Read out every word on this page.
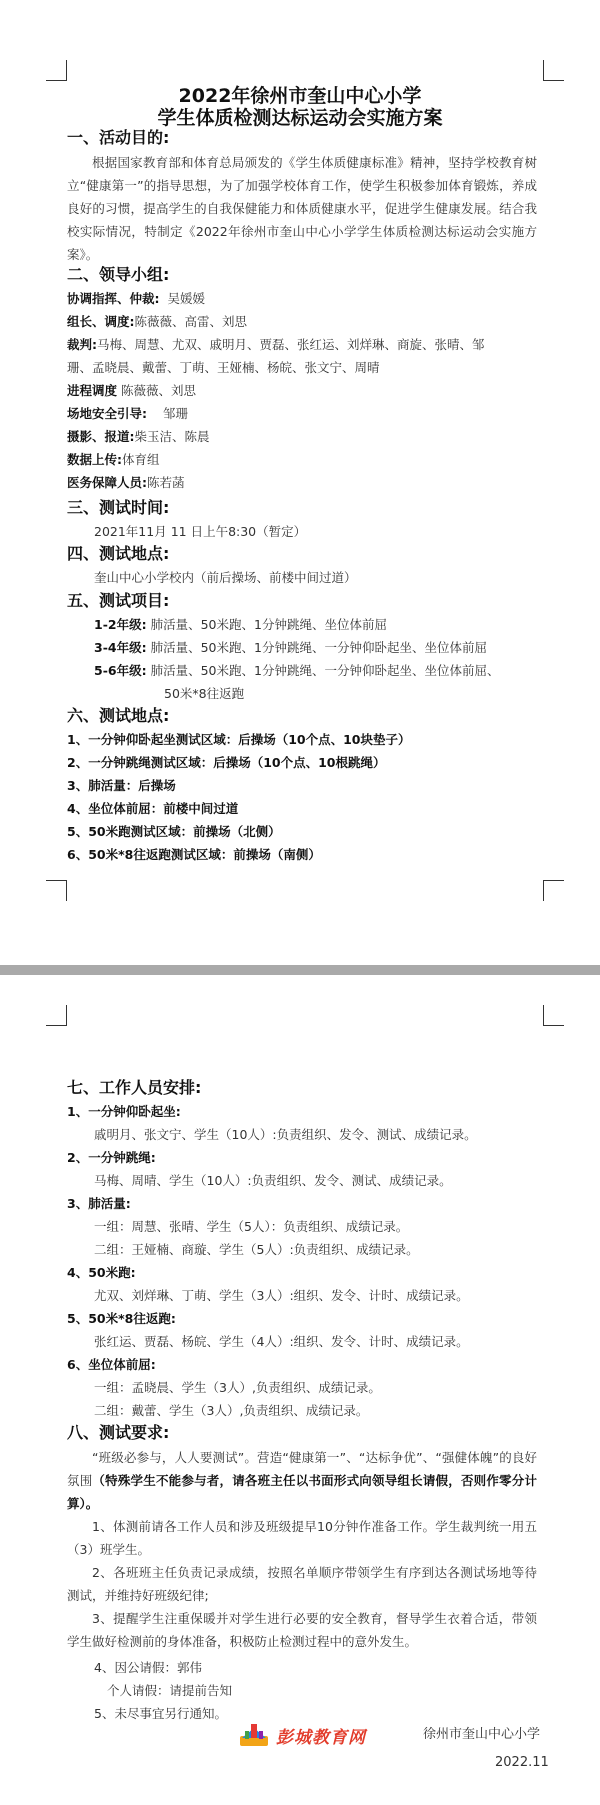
2022年徐州市奎山中心小学
学生体质检测达标运动会实施方案
一、活动目的:
根据国家教育部和体育总局颁发的《学生体质健康标准》精神，坚持学校教育树立“健康第一”的指导思想，为了加强学校体育工作，使学生积极参加体育锻炼，养成良好的习惯，提高学生的自我保健能力和体质健康水平，促进学生健康发展。结合我校实际情况，特制定《2022年徐州市奎山中心小学学生体质检测达标运动会实施方案》。
二、领导小组:
协调指挥、仲裁: 吴媛媛
组长、调度:陈薇薇、高雷、刘思
裁判:马梅、周慧、尤双、戚明月、贾磊、张红运、刘烊琳、商旋、张晴、邹
珊、孟晓晨、戴蕾、丁萌、王娅楠、杨皖、张文宁、周晴
进程调度 陈薇薇、刘思
场地安全引导: 邹珊
摄影、报道:柴玉洁、陈晨
数据上传:体育组
医务保障人员:陈若菡
三、测试时间:
2021年11月 11 日上午8:30（暂定）
四、测试地点:
奎山中心小学校内（前后操场、前楼中间过道）
五、测试项目:
1-2年级: 肺活量、50米跑、1分钟跳绳、坐位体前屈
3-4年级: 肺活量、50米跑、1分钟跳绳、一分钟仰卧起坐、坐位体前屈
5-6年级: 肺活量、50米跑、1分钟跳绳、一分钟仰卧起坐、坐位体前屈、
50米*8往返跑
六、测试地点:
1、一分钟仰卧起坐测试区域：后操场（10个点、10块垫子）
2、一分钟跳绳测试区域：后操场（10个点、10根跳绳）
3、肺活量：后操场
4、坐位体前屈：前楼中间过道
5、50米跑测试区域：前操场（北侧）
6、50米*8往返跑测试区域：前操场（南侧）
七、工作人员安排:
1、一分钟仰卧起坐:
戚明月、张文宁、学生（10人）:负责组织、发令、测试、成绩记录。
2、一分钟跳绳:
马梅、周晴、学生（10人）:负责组织、发令、测试、成绩记录。
3、肺活量:
一组：周慧、张晴、学生（5人）：负责组织、成绩记录。
二组：王娅楠、商璇、学生（5人）:负责组织、成绩记录。
4、50米跑:
尤双、刘烊琳、丁萌、学生（3人）:组织、发令、计时、成绩记录。
5、50米*8往返跑:
张红运、贾磊、杨皖、学生（4人）:组织、发令、计时、成绩记录。
6、坐位体前屈:
一组：孟晓晨、学生（3人）,负责组织、成绩记录。
二组：戴蕾、学生（3人）,负责组织、成绩记录。
八、测试要求:
“班级必参与，人人要测试”。营造“健康第一”、“达标争优”、“强健体魄”的良好氛围（特殊学生不能参与者，请各班主任以书面形式向领导组长请假，否则作零分计算）。
1、体测前请各工作人员和涉及班级提早10分钟作准备工作。学生裁判统一用五（3）班学生。
2、各班班主任负责记录成绩，按照名单顺序带领学生有序到达各测试场地等待测试，并维持好班级纪律;
3、提醒学生注重保暖并对学生进行必要的安全教育，督导学生衣着合适，带领学生做好检测前的身体准备，积极防止检测过程中的意外发生。
4、因公请假：郭伟
个人请假：请提前告知
5、未尽事宜另行通知。
彭城教育网	徐州市奎山中心小学
2022.11
